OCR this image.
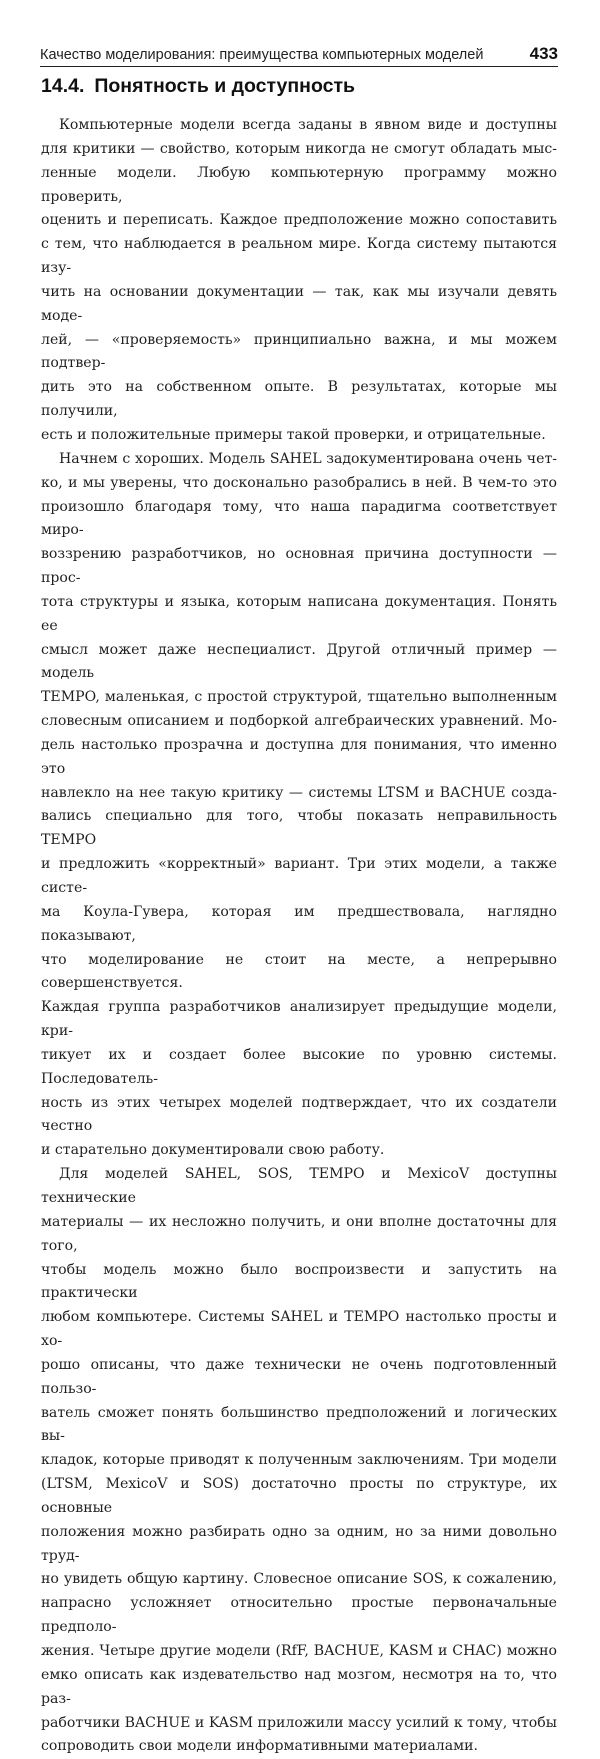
Качество моделирования: преимущества компьютерных моделей	433
14.4. Понятность и доступность
Компьютерные модели всегда заданы в явном виде и доступны
для критики — свойство, которым никогда не смогут обладать мыс-
ленные модели. Любую компьютерную программу можно проверить,
оценить и переписать. Каждое предположение можно сопоставить
с тем, что наблюдается в реальном мире. Когда систему пытаются изу-
чить на основании документации — так, как мы изучали девять моде-
лей, — «проверяемость» принципиально важна, и мы можем подтвер-
дить это на собственном опыте. В результатах, которые мы получили,
есть и положительные примеры такой проверки, и отрицательные.
Начнем с хороших. Модель SAHEL задокументирована очень чет-
ко, и мы уверены, что досконально разобрались в ней. В чем-то это
произошло благодаря тому, что наша парадигма соответствует миро-
воззрению разработчиков, но основная причина доступности — прос-
тота структуры и языка, которым написана документация. Понять ее
смысл может даже неспециалист. Другой отличный пример — модель
TEMPO, маленькая, с простой структурой, тщательно выполненным
словесным описанием и подборкой алгебраических уравнений. Мо-
дель настолько прозрачна и доступна для понимания, что именно это
навлекло на нее такую критику — системы LTSM и BACHUE созда-
вались специально для того, чтобы показать неправильность TEMPO
и предложить «корректный» вариант. Три этих модели, а также систе-
ма Коула-Гувера, которая им предшествовала, наглядно показывают,
что моделирование не стоит на месте, а непрерывно совершенствуется.
Каждая группа разработчиков анализирует предыдущие модели, кри-
тикует их и создает более высокие по уровню системы. Последователь-
ность из этих четырех моделей подтверждает, что их создатели честно
и старательно документировали свою работу.
Для моделей SAHEL, SOS, TEMPO и MexicoV доступны технические
материалы — их несложно получить, и они вполне достаточны для того,
чтобы модель можно было воспроизвести и запустить на практически
любом компьютере. Системы SAHEL и TEMPO настолько просты и хо-
рошо описаны, что даже технически не очень подготовленный пользо-
ватель сможет понять большинство предположений и логических вы-
кладок, которые приводят к полученным заключениям. Три модели
(LTSM, MexicoV и SOS) достаточно просты по структуре, их основные
положения можно разбирать одно за одним, но за ними довольно труд-
но увидеть общую картину. Словесное описание SOS, к сожалению,
напрасно усложняет относительно простые первоначальные предполо-
жения. Четыре другие модели (RfF, BACHUE, KASM и CHAC) можно
емко описать как издевательство над мозгом, несмотря на то, что раз-
работчики BACHUE и KASM приложили массу усилий к тому, чтобы
сопроводить свои модели информативными материалами.
